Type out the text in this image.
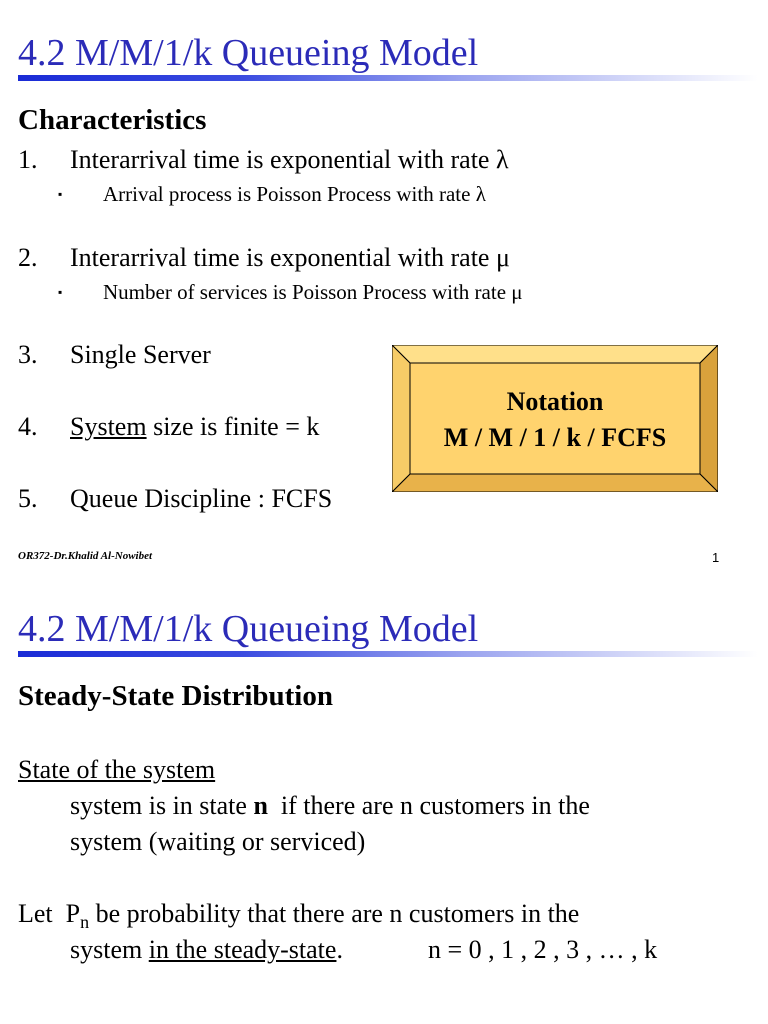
4.2 M/M/1/k Queueing Model
Characteristics
1. Interarrival time is exponential with rate λ
▪ Arrival process is Poisson Process with rate λ
2. Interarrival time is exponential with rate μ
▪ Number of services is Poisson Process with rate μ
3. Single Server
4. System size is finite = k
5. Queue Discipline : FCFS
Notation
M / M / 1 / k / FCFS
OR372-Dr.Khalid Al-Nowibet	1
4.2 M/M/1/k Queueing Model
Steady-State Distribution
State of the system
system is in state n  if there are n customers in the
system (waiting or serviced)
Let  $P_n$ be probability that there are n customers in the
system in the steady-state.	n = 0 , 1 , 2 , 3 , … , k
